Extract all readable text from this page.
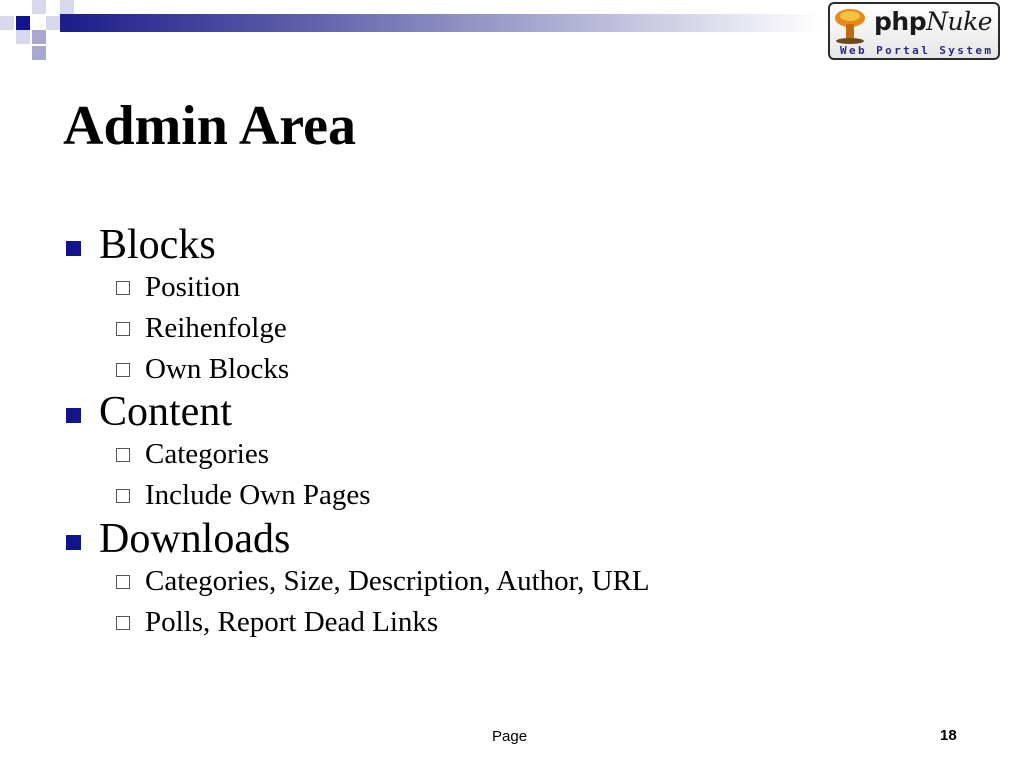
phpNuke
Web Portal System
Admin Area
Blocks
Position
Reihenfolge
Own Blocks
Content
Categories
Include Own Pages
Downloads
Categories, Size, Description, Author, URL
Polls, Report Dead Links
Page	18
